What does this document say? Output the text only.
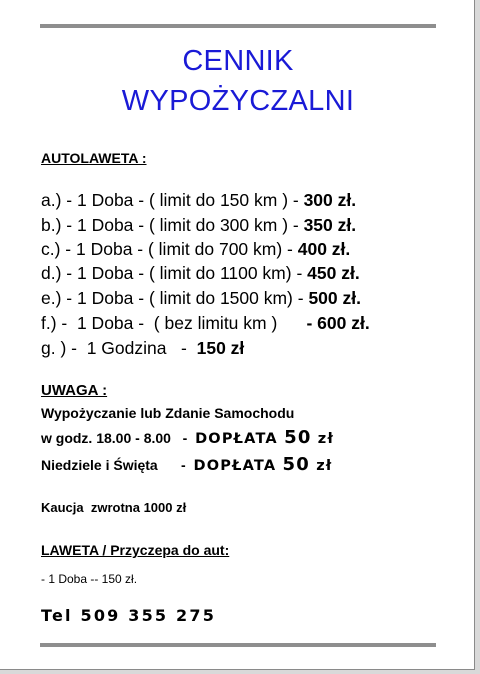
CENNIK
WYPOŻYCZALNI
AUTOLAWETA :
a.) - 1 Doba - ( limit do 150 km ) - 300 zł.
b.) - 1 Doba - ( limit do 300 km ) - 350 zł.
c.) - 1 Doba - ( limit do 700 km) - 400 zł.
d.) - 1 Doba - ( limit do 1100 km) - 450 zł.
e.) - 1 Doba - ( limit do 1500 km) - 500 zł.
f.) -  1 Doba -  ( bez limitu km )      - 600 zł.
g. ) -  1 Godzina   -  150 zł
UWAGA :
Wypożyczanie lub Zdanie Samochodu
w godz. 18.00 - 8.00   -  DOPŁATA 50 zł
Niedziele i Święta      -  DOPŁATA 50 zł
Kaucja  zwrotna 1000 zł
LAWETA / Przyczepa do aut:
- 1 Doba -- 150 zł.
Tel 509 355 275
